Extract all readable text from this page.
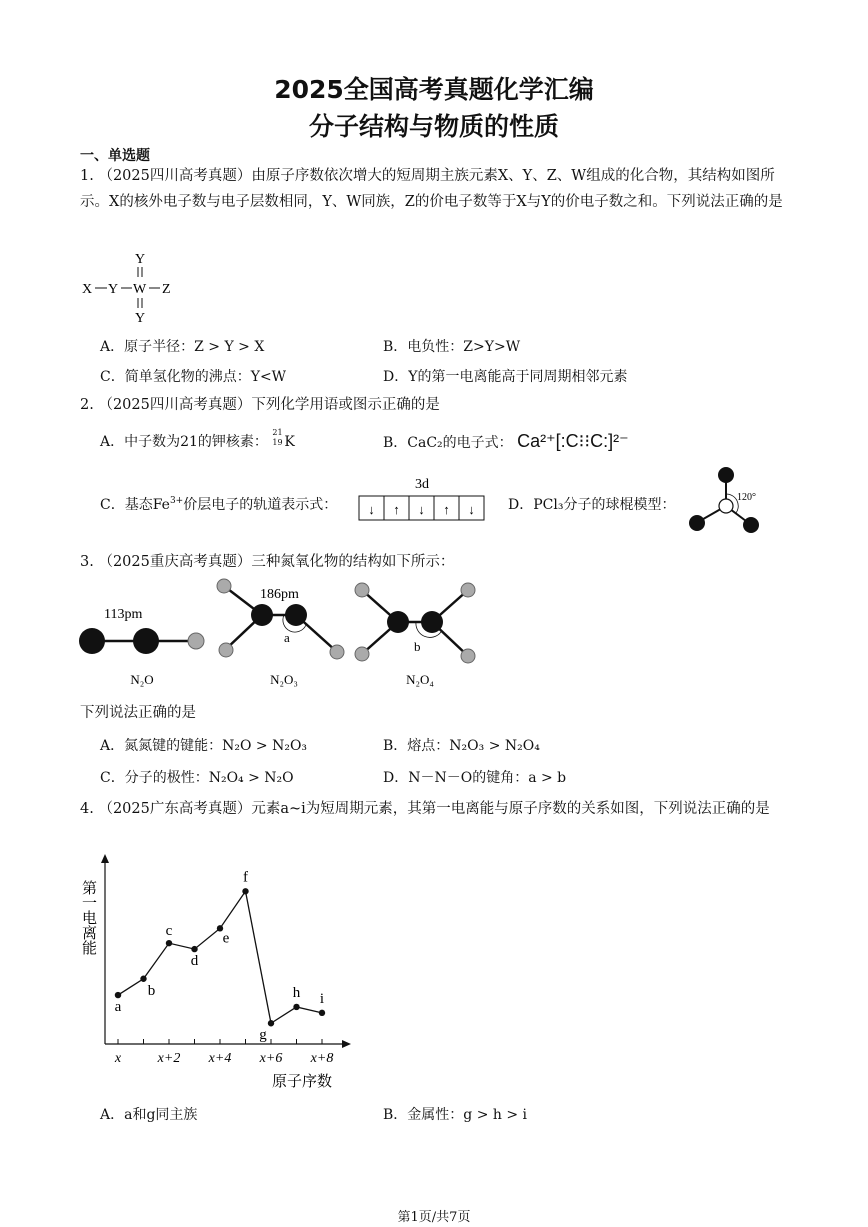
2025全国高考真题化学汇编
分子结构与物质的性质
一、单选题
1. （2025四川高考真题）由原子序数依次增大的短周期主族元素X、Y、Z、W组成的化合物，其结构如图所示。X的核外电子数与电子层数相同，Y、W同族，Z的价电子数等于X与Y的价电子数之和。下列说法正确的是
Y
X Y W Z
Y
A．原子半径：Z > Y > X	B．电负性：Z>Y>W
C．简单氢化物的沸点：Y<W	D．Y的第一电离能高于同周期相邻元素
2. （2025四川高考真题）下列化学用语或图示正确的是
A．中子数为21的钾核素：
21
19 K	B．CaC₂的电子式： Ca²⁺[:C⁝⁝C:]²⁻
C．基态$Fe^{3+}$价层电子的轨道表示式：
3d
↓ ↑ ↓ ↑ ↓ D．PCl₃分子的球棍模型：	120°
3. （2025重庆高考真题）三种氮氧化物的结构如下所示：
113pm
N₂O
186pm
a
N₂O₃
b
N₂O₄
下列说法正确的是
A．氮氮键的键能：N₂O > N₂O₃	B．熔点：N₂O₃ > N₂O₄
C．分子的极性：N₂O₄ > N₂O	D．N－N－O的键角：a > b
4. （2025广东高考真题）元素a~i为短周期元素，其第一电离能与原子序数的关系如图，下列说法正确的是
第一电离能
原子序数
x	x+2 x+4 x+6 x+8
a
b
c
d
e
f
g
h i
A．a和g同主族	B．金属性：g > h > i
第1页/共7页
